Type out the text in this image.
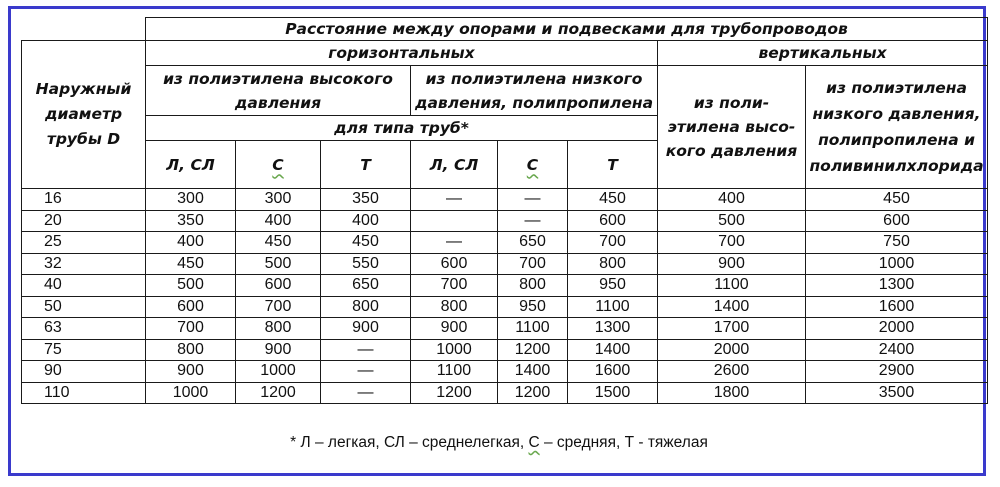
	Расстояние между опорами и подвесками для трубопроводов							
Наружный диаметр трубы D	горизонтальных						вертикальных	
	из полиэтилена высокого давления			из полиэтилена низкого давления, полипропилена			из поли-этилена высо-кого давления	из полиэтилена низкого давления, полипропилена и поливинилхлорида
	для типа труб*							
	Л, СЛ	С	Т	Л, СЛ	С	Т		
16	300	300	350	—	—	450	400	450
20	350	400	400		—	600	500	600
25	400	450	450	—	650	700	700	750
32	450	500	550	600	700	800	900	1000
40	500	600	650	700	800	950	1100	1300
50	600	700	800	800	950	1100	1400	1600
63	700	800	900	900	1100	1300	1700	2000
75	800	900	—	1000	1200	1400	2000	2400
90	900	1000	—	1100	1400	1600	2600	2900
110	1000	1200	—	1200	1200	1500	1800	3500
* Л – легкая, СЛ – среднелегкая, С – средняя, Т - тяжелая
